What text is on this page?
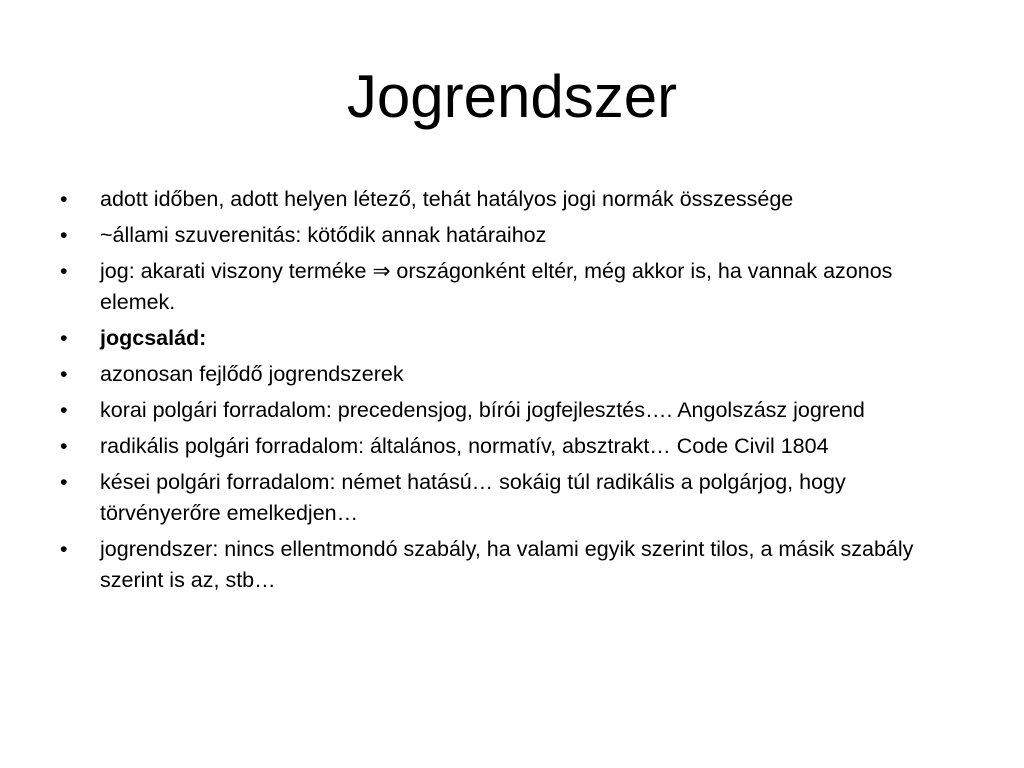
Jogrendszer
•	adott időben, adott helyen létező, tehát hatályos jogi normák összessége
•	~állami szuverenitás: kötődik annak határaihoz
•	jog: akarati viszony terméke ⇒ országonként eltér, még akkor is, ha vannak azonos elemek.
•	jogcsalád:
•	azonosan fejlődő jogrendszerek
•	korai polgári forradalom: precedensjog, bírói jogfejlesztés…. Angolszász jogrend
•	radikális polgári forradalom: általános, normatív, absztrakt… Code Civil 1804
•	kései polgári forradalom: német hatású… sokáig túl radikális a polgárjog, hogy törvényerőre emelkedjen…
•	jogrendszer: nincs ellentmondó szabály, ha valami egyik szerint tilos, a másik szabály szerint is az, stb…
